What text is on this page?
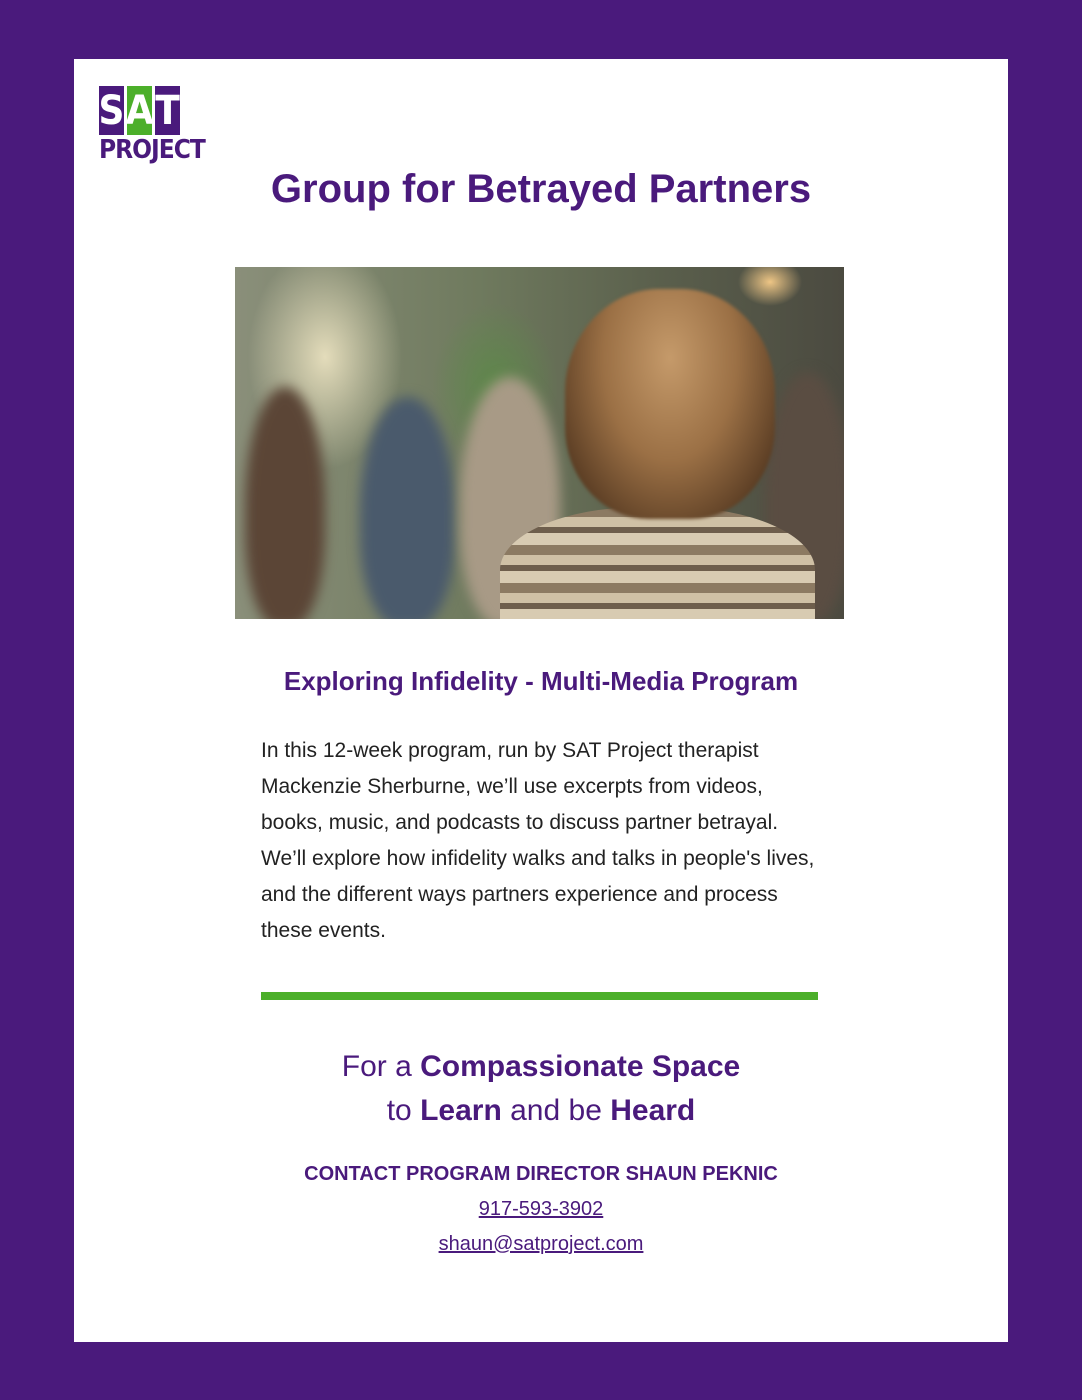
S A T
PROJECT
Group for Betrayed Partners
Exploring Infidelity - Multi-Media Program

In this 12-week program, run by SAT Project therapist Mackenzie Sherburne, we’ll use excerpts from videos, books, music, and podcasts to discuss partner betrayal. We’ll explore how infidelity walks and talks in people's lives, and the different ways partners experience and process these events.

For a Compassionate Space
to Learn and be Heard
CONTACT PROGRAM DIRECTOR SHAUN PEKNIC
917-593-3902
shaun@satproject.com
